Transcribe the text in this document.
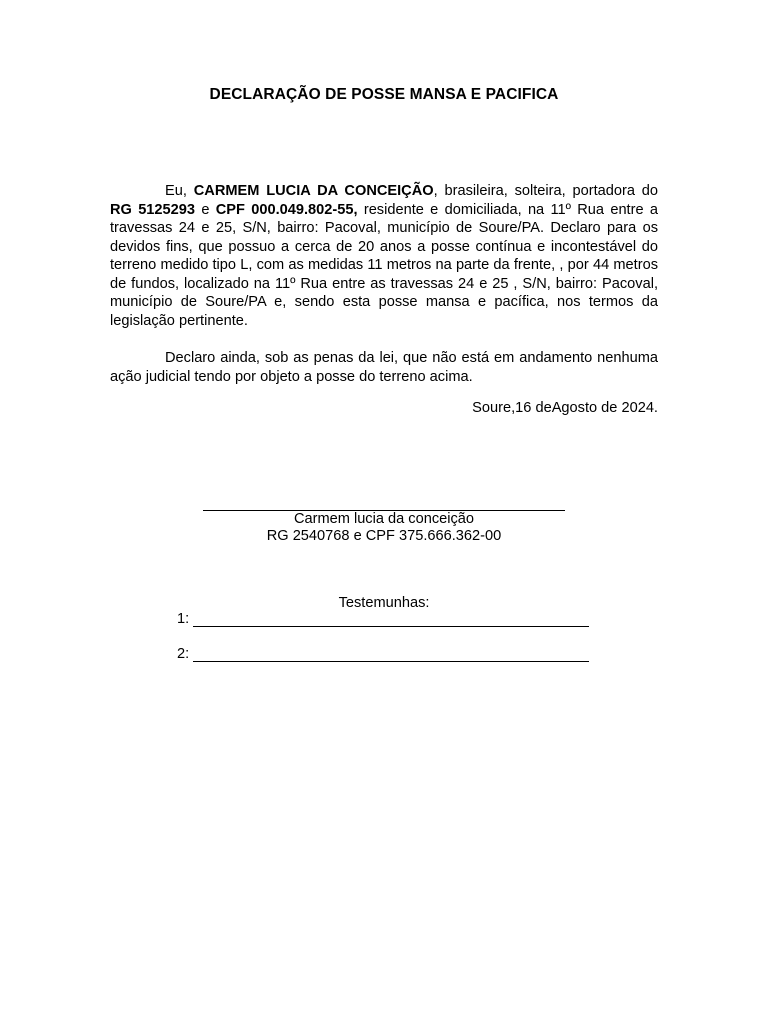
DECLARAÇÃO DE POSSE MANSA E PACIFICA

Eu, CARMEM LUCIA DA CONCEIÇÃO, brasileira, solteira, portadora do RG 5125293 e CPF 000.049.802-55, residente e domiciliada, na 11º Rua entre a travessas 24 e 25, S/N, bairro: Pacoval, município de Soure/PA. Declaro para os devidos fins, que possuo a cerca de 20 anos a posse contínua e incontestável do terreno medido tipo L, com as medidas 11 metros na parte da frente, , por 44 metros de fundos, localizado na 11º Rua entre as travessas 24 e 25 , S/N, bairro: Pacoval, município de Soure/PA e, sendo esta posse mansa e pacífica, nos termos da legislação pertinente.

Declaro ainda, sob as penas da lei, que não está em andamento nenhuma ação judicial tendo por objeto a posse do terreno acima.

Soure,16 deAgosto de 2024.
Carmem lucia da conceição
RG 2540768 e CPF 375.666.362-00
Testemunhas:
1:
2:
